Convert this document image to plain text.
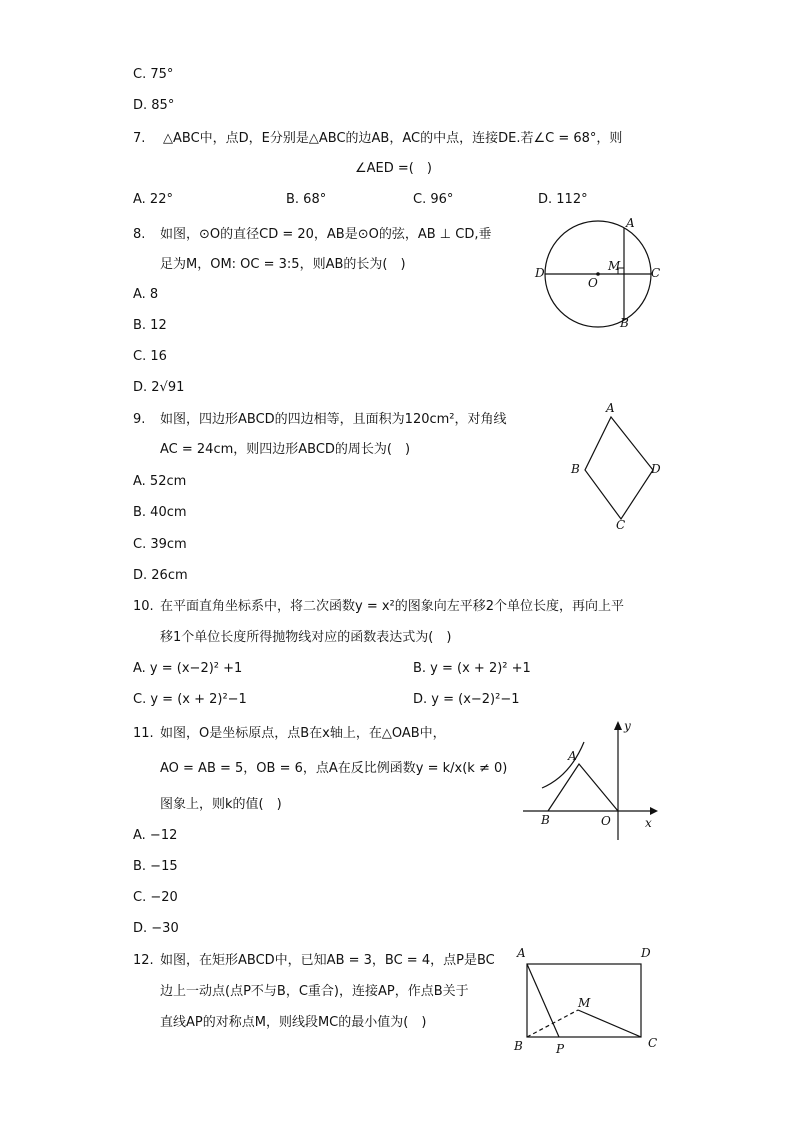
C. 75°
D. 85°
7. △ABC中，点D，E分别是△ABC的边AB，AC的中点，连接DE.若∠C = 68°，则
∠AED =(　)
A. 22°	B. 68°	C. 96°	D. 112°
8. 如图，⊙O的直径CD = 20，AB是⊙O的弦，AB ⊥ CD,垂
足为M，OM: OC = 3:5，则AB的长为(　)
A. 8
B. 12
C. 16
D. 2√91
A
B
C
D
O
M
9. 如图，四边形ABCD的四边相等，且面积为120cm²，对角线
AC = 24cm，则四边形ABCD的周长为(　)
A. 52cm
B. 40cm
C. 39cm
D. 26cm
A
B
C
D
10. 在平面直角坐标系中，将二次函数y = x²的图象向左平移2个单位长度，再向上平
移1个单位长度所得抛物线对应的函数表达式为(　)
A. y = (x−2)² +1	B. y = (x + 2)² +1
C. y = (x + 2)²−1	D. y = (x−2)²−1
11. 如图，O是坐标原点，点B在x轴上，在△OAB中，
AO = AB = 5，OB = 6，点A在反比例函数y = k/x(k ≠ 0)
图象上，则k的值(　)
A. −12
B. −15
C. −20
D. −30
A
B	O	x
y
12. 如图，在矩形ABCD中，已知AB = 3，BC = 4，点P是BC
边上一动点(点P不与B，C重合)，连接AP，作点B关于
直线AP的对称点M，则线段MC的最小值为(　)
A
B	C
D
M
P
